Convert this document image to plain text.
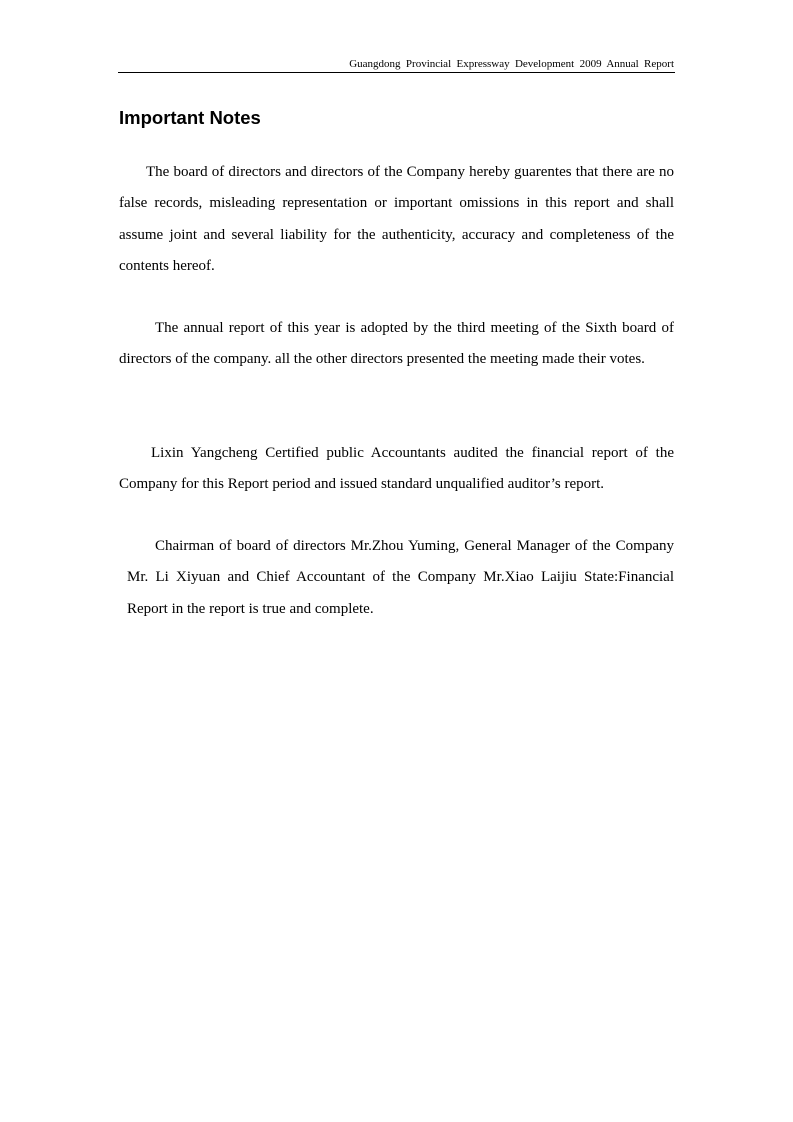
Guangdong Provincial Expressway Development 2009 Annual Report
Important Notes

The board of directors and directors of the Company hereby guarentes that there are no false records, misleading representation or important omissions in this report and shall assume joint and several liability for the authenticity, accuracy and completeness of the contents hereof.

The annual report of this year is adopted by the third meeting of the Sixth board of directors of the company. all the other directors presented the meeting made their votes.

Lixin Yangcheng Certified public Accountants audited the financial report of the Company for this Report period and issued standard unqualified auditor’s report.

Chairman of board of directors Mr.Zhou Yuming, General Manager of the Company Mr. Li Xiyuan and Chief Accountant of the Company Mr.Xiao Laijiu State:Financial Report in the report is true and complete.
